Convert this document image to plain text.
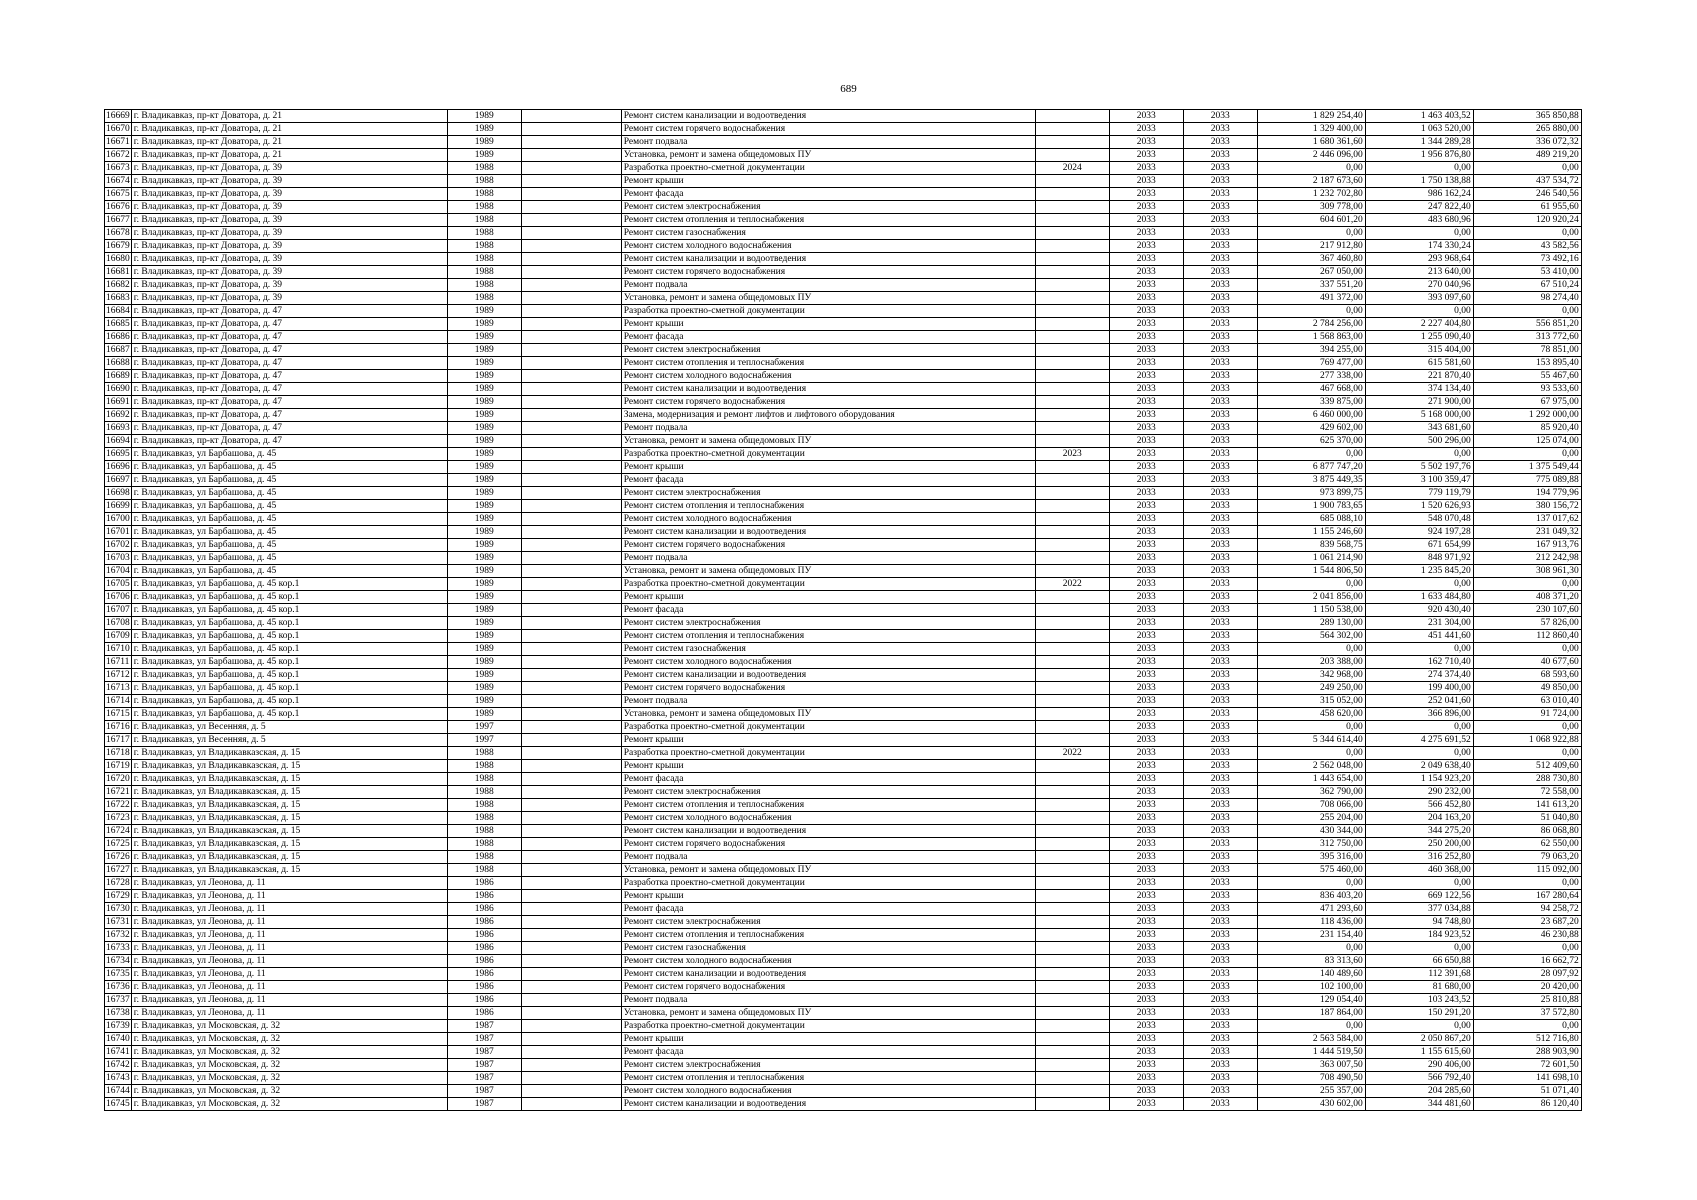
689
16669	г. Владикавказ, пр-кт Доватора, д. 21	1989		Ремонт систем канализации и водоотведения		2033	2033	1 829 254,40	1 463 403,52	365 850,88
16670	г. Владикавказ, пр-кт Доватора, д. 21	1989		Ремонт систем горячего водоснабжения		2033	2033	1 329 400,00	1 063 520,00	265 880,00
16671	г. Владикавказ, пр-кт Доватора, д. 21	1989		Ремонт подвала		2033	2033	1 680 361,60	1 344 289,28	336 072,32
16672	г. Владикавказ, пр-кт Доватора, д. 21	1989		Установка, ремонт и замена общедомовых ПУ		2033	2033	2 446 096,00	1 956 876,80	489 219,20
16673	г. Владикавказ, пр-кт Доватора, д. 39	1988		Разработка проектно-сметной документации	2024	2033	2033	0,00	0,00	0,00
16674	г. Владикавказ, пр-кт Доватора, д. 39	1988		Ремонт крыши		2033	2033	2 187 673,60	1 750 138,88	437 534,72
16675	г. Владикавказ, пр-кт Доватора, д. 39	1988		Ремонт фасада		2033	2033	1 232 702,80	986 162,24	246 540,56
16676	г. Владикавказ, пр-кт Доватора, д. 39	1988		Ремонт систем электроснабжения		2033	2033	309 778,00	247 822,40	61 955,60
16677	г. Владикавказ, пр-кт Доватора, д. 39	1988		Ремонт систем отопления и теплоснабжения		2033	2033	604 601,20	483 680,96	120 920,24
16678	г. Владикавказ, пр-кт Доватора, д. 39	1988		Ремонт систем газоснабжения		2033	2033	0,00	0,00	0,00
16679	г. Владикавказ, пр-кт Доватора, д. 39	1988		Ремонт систем холодного водоснабжения		2033	2033	217 912,80	174 330,24	43 582,56
16680	г. Владикавказ, пр-кт Доватора, д. 39	1988		Ремонт систем канализации и водоотведения		2033	2033	367 460,80	293 968,64	73 492,16
16681	г. Владикавказ, пр-кт Доватора, д. 39	1988		Ремонт систем горячего водоснабжения		2033	2033	267 050,00	213 640,00	53 410,00
16682	г. Владикавказ, пр-кт Доватора, д. 39	1988		Ремонт подвала		2033	2033	337 551,20	270 040,96	67 510,24
16683	г. Владикавказ, пр-кт Доватора, д. 39	1988		Установка, ремонт и замена общедомовых ПУ		2033	2033	491 372,00	393 097,60	98 274,40
16684	г. Владикавказ, пр-кт Доватора, д. 47	1989		Разработка проектно-сметной документации		2033	2033	0,00	0,00	0,00
16685	г. Владикавказ, пр-кт Доватора, д. 47	1989		Ремонт крыши		2033	2033	2 784 256,00	2 227 404,80	556 851,20
16686	г. Владикавказ, пр-кт Доватора, д. 47	1989		Ремонт фасада		2033	2033	1 568 863,00	1 255 090,40	313 772,60
16687	г. Владикавказ, пр-кт Доватора, д. 47	1989		Ремонт систем электроснабжения		2033	2033	394 255,00	315 404,00	78 851,00
16688	г. Владикавказ, пр-кт Доватора, д. 47	1989		Ремонт систем отопления и теплоснабжения		2033	2033	769 477,00	615 581,60	153 895,40
16689	г. Владикавказ, пр-кт Доватора, д. 47	1989		Ремонт систем холодного водоснабжения		2033	2033	277 338,00	221 870,40	55 467,60
16690	г. Владикавказ, пр-кт Доватора, д. 47	1989		Ремонт систем канализации и водоотведения		2033	2033	467 668,00	374 134,40	93 533,60
16691	г. Владикавказ, пр-кт Доватора, д. 47	1989		Ремонт систем горячего водоснабжения		2033	2033	339 875,00	271 900,00	67 975,00
16692	г. Владикавказ, пр-кт Доватора, д. 47	1989		Замена, модернизация и ремонт лифтов и лифтового оборудования		2033	2033	6 460 000,00	5 168 000,00	1 292 000,00
16693	г. Владикавказ, пр-кт Доватора, д. 47	1989		Ремонт подвала		2033	2033	429 602,00	343 681,60	85 920,40
16694	г. Владикавказ, пр-кт Доватора, д. 47	1989		Установка, ремонт и замена общедомовых ПУ		2033	2033	625 370,00	500 296,00	125 074,00
16695	г. Владикавказ, ул Барбашова, д. 45	1989		Разработка проектно-сметной документации	2023	2033	2033	0,00	0,00	0,00
16696	г. Владикавказ, ул Барбашова, д. 45	1989		Ремонт крыши		2033	2033	6 877 747,20	5 502 197,76	1 375 549,44
16697	г. Владикавказ, ул Барбашова, д. 45	1989		Ремонт фасада		2033	2033	3 875 449,35	3 100 359,47	775 089,88
16698	г. Владикавказ, ул Барбашова, д. 45	1989		Ремонт систем электроснабжения		2033	2033	973 899,75	779 119,79	194 779,96
16699	г. Владикавказ, ул Барбашова, д. 45	1989		Ремонт систем отопления и теплоснабжения		2033	2033	1 900 783,65	1 520 626,93	380 156,72
16700	г. Владикавказ, ул Барбашова, д. 45	1989		Ремонт систем холодного водоснабжения		2033	2033	685 088,10	548 070,48	137 017,62
16701	г. Владикавказ, ул Барбашова, д. 45	1989		Ремонт систем канализации и водоотведения		2033	2033	1 155 246,60	924 197,28	231 049,32
16702	г. Владикавказ, ул Барбашова, д. 45	1989		Ремонт систем горячего водоснабжения		2033	2033	839 568,75	671 654,99	167 913,76
16703	г. Владикавказ, ул Барбашова, д. 45	1989		Ремонт подвала		2033	2033	1 061 214,90	848 971,92	212 242,98
16704	г. Владикавказ, ул Барбашова, д. 45	1989		Установка, ремонт и замена общедомовых ПУ		2033	2033	1 544 806,50	1 235 845,20	308 961,30
16705	г. Владикавказ, ул Барбашова, д. 45 кор.1	1989		Разработка проектно-сметной документации	2022	2033	2033	0,00	0,00	0,00
16706	г. Владикавказ, ул Барбашова, д. 45 кор.1	1989		Ремонт крыши		2033	2033	2 041 856,00	1 633 484,80	408 371,20
16707	г. Владикавказ, ул Барбашова, д. 45 кор.1	1989		Ремонт фасада		2033	2033	1 150 538,00	920 430,40	230 107,60
16708	г. Владикавказ, ул Барбашова, д. 45 кор.1	1989		Ремонт систем электроснабжения		2033	2033	289 130,00	231 304,00	57 826,00
16709	г. Владикавказ, ул Барбашова, д. 45 кор.1	1989		Ремонт систем отопления и теплоснабжения		2033	2033	564 302,00	451 441,60	112 860,40
16710	г. Владикавказ, ул Барбашова, д. 45 кор.1	1989		Ремонт систем газоснабжения		2033	2033	0,00	0,00	0,00
16711	г. Владикавказ, ул Барбашова, д. 45 кор.1	1989		Ремонт систем холодного водоснабжения		2033	2033	203 388,00	162 710,40	40 677,60
16712	г. Владикавказ, ул Барбашова, д. 45 кор.1	1989		Ремонт систем канализации и водоотведения		2033	2033	342 968,00	274 374,40	68 593,60
16713	г. Владикавказ, ул Барбашова, д. 45 кор.1	1989		Ремонт систем горячего водоснабжения		2033	2033	249 250,00	199 400,00	49 850,00
16714	г. Владикавказ, ул Барбашова, д. 45 кор.1	1989		Ремонт подвала		2033	2033	315 052,00	252 041,60	63 010,40
16715	г. Владикавказ, ул Барбашова, д. 45 кор.1	1989		Установка, ремонт и замена общедомовых ПУ		2033	2033	458 620,00	366 896,00	91 724,00
16716	г. Владикавказ, ул Весенняя, д. 5	1997		Разработка проектно-сметной документации		2033	2033	0,00	0,00	0,00
16717	г. Владикавказ, ул Весенняя, д. 5	1997		Ремонт крыши		2033	2033	5 344 614,40	4 275 691,52	1 068 922,88
16718	г. Владикавказ, ул Владикавказская, д. 15	1988		Разработка проектно-сметной документации	2022	2033	2033	0,00	0,00	0,00
16719	г. Владикавказ, ул Владикавказская, д. 15	1988		Ремонт крыши		2033	2033	2 562 048,00	2 049 638,40	512 409,60
16720	г. Владикавказ, ул Владикавказская, д. 15	1988		Ремонт фасада		2033	2033	1 443 654,00	1 154 923,20	288 730,80
16721	г. Владикавказ, ул Владикавказская, д. 15	1988		Ремонт систем электроснабжения		2033	2033	362 790,00	290 232,00	72 558,00
16722	г. Владикавказ, ул Владикавказская, д. 15	1988		Ремонт систем отопления и теплоснабжения		2033	2033	708 066,00	566 452,80	141 613,20
16723	г. Владикавказ, ул Владикавказская, д. 15	1988		Ремонт систем холодного водоснабжения		2033	2033	255 204,00	204 163,20	51 040,80
16724	г. Владикавказ, ул Владикавказская, д. 15	1988		Ремонт систем канализации и водоотведения		2033	2033	430 344,00	344 275,20	86 068,80
16725	г. Владикавказ, ул Владикавказская, д. 15	1988		Ремонт систем горячего водоснабжения		2033	2033	312 750,00	250 200,00	62 550,00
16726	г. Владикавказ, ул Владикавказская, д. 15	1988		Ремонт подвала		2033	2033	395 316,00	316 252,80	79 063,20
16727	г. Владикавказ, ул Владикавказская, д. 15	1988		Установка, ремонт и замена общедомовых ПУ		2033	2033	575 460,00	460 368,00	115 092,00
16728	г. Владикавказ, ул Леонова, д. 11	1986		Разработка проектно-сметной документации		2033	2033	0,00	0,00	0,00
16729	г. Владикавказ, ул Леонова, д. 11	1986		Ремонт крыши		2033	2033	836 403,20	669 122,56	167 280,64
16730	г. Владикавказ, ул Леонова, д. 11	1986		Ремонт фасада		2033	2033	471 293,60	377 034,88	94 258,72
16731	г. Владикавказ, ул Леонова, д. 11	1986		Ремонт систем электроснабжения		2033	2033	118 436,00	94 748,80	23 687,20
16732	г. Владикавказ, ул Леонова, д. 11	1986		Ремонт систем отопления и теплоснабжения		2033	2033	231 154,40	184 923,52	46 230,88
16733	г. Владикавказ, ул Леонова, д. 11	1986		Ремонт систем газоснабжения		2033	2033	0,00	0,00	0,00
16734	г. Владикавказ, ул Леонова, д. 11	1986		Ремонт систем холодного водоснабжения		2033	2033	83 313,60	66 650,88	16 662,72
16735	г. Владикавказ, ул Леонова, д. 11	1986		Ремонт систем канализации и водоотведения		2033	2033	140 489,60	112 391,68	28 097,92
16736	г. Владикавказ, ул Леонова, д. 11	1986		Ремонт систем горячего водоснабжения		2033	2033	102 100,00	81 680,00	20 420,00
16737	г. Владикавказ, ул Леонова, д. 11	1986		Ремонт подвала		2033	2033	129 054,40	103 243,52	25 810,88
16738	г. Владикавказ, ул Леонова, д. 11	1986		Установка, ремонт и замена общедомовых ПУ		2033	2033	187 864,00	150 291,20	37 572,80
16739	г. Владикавказ, ул Московская, д. 32	1987		Разработка проектно-сметной документации		2033	2033	0,00	0,00	0,00
16740	г. Владикавказ, ул Московская, д. 32	1987		Ремонт крыши		2033	2033	2 563 584,00	2 050 867,20	512 716,80
16741	г. Владикавказ, ул Московская, д. 32	1987		Ремонт фасада		2033	2033	1 444 519,50	1 155 615,60	288 903,90
16742	г. Владикавказ, ул Московская, д. 32	1987		Ремонт систем электроснабжения		2033	2033	363 007,50	290 406,00	72 601,50
16743	г. Владикавказ, ул Московская, д. 32	1987		Ремонт систем отопления и теплоснабжения		2033	2033	708 490,50	566 792,40	141 698,10
16744	г. Владикавказ, ул Московская, д. 32	1987		Ремонт систем холодного водоснабжения		2033	2033	255 357,00	204 285,60	51 071,40
16745	г. Владикавказ, ул Московская, д. 32	1987		Ремонт систем канализации и водоотведения		2033	2033	430 602,00	344 481,60	86 120,40
